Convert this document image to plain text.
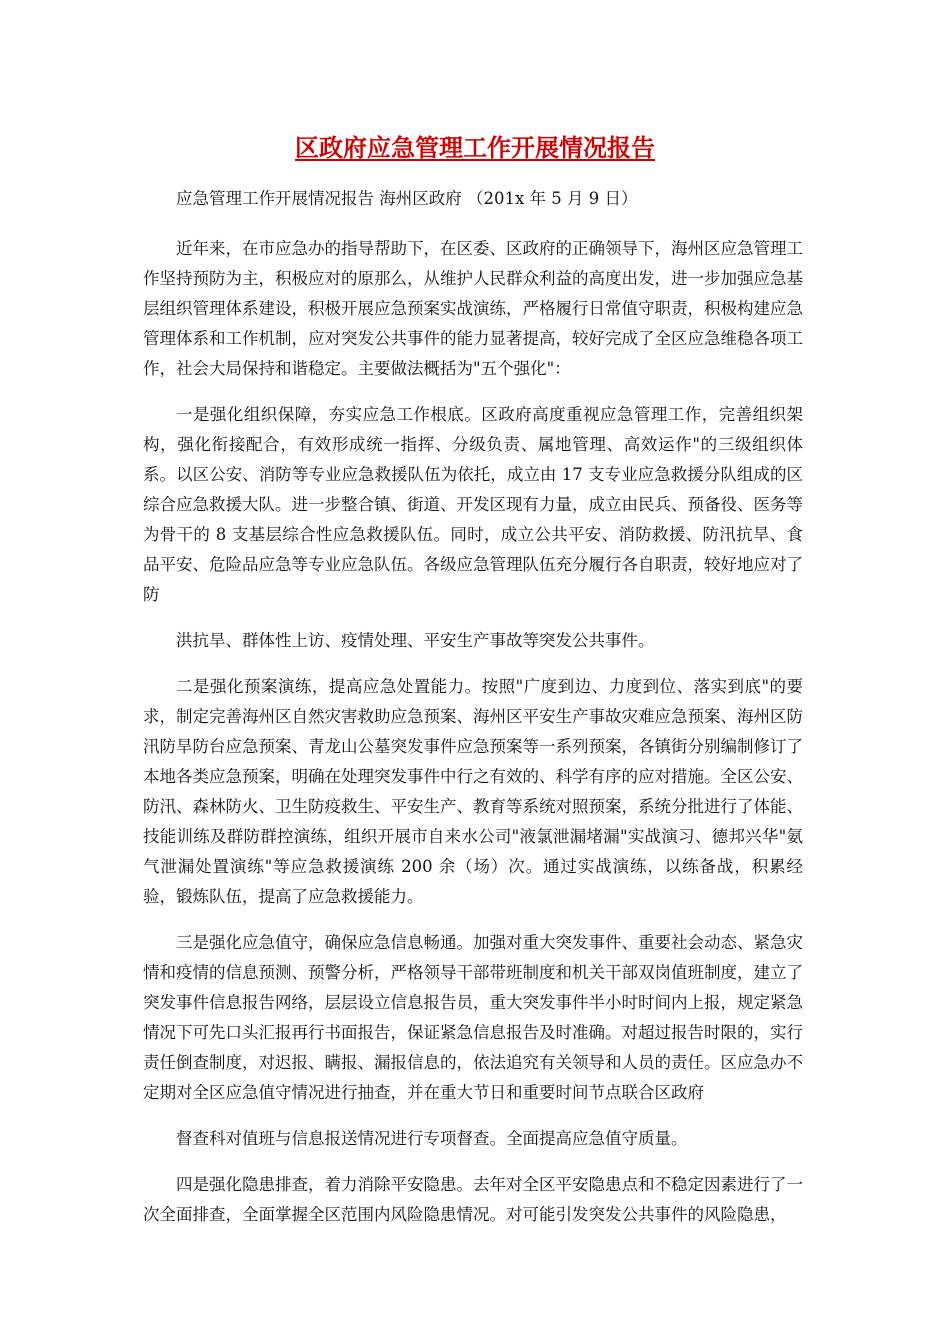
区政府应急管理工作开展情况报告

应急管理工作开展情况报告 海州区政府 （201x 年 5 月 9 日）

近年来，在市应急办的指导帮助下，在区委、区政府的正确领导下，海州区应急管理工作坚持预防为主，积极应对的原那么，从维护人民群众利益的高度出发，进一步加强应急基层组织管理体系建设，积极开展应急预案实战演练，严格履行日常值守职责，积极构建应急管理体系和工作机制，应对突发公共事件的能力显著提高，较好完成了全区应急维稳各项工作，社会大局保持和谐稳定。主要做法概括为"五个强化"：

一是强化组织保障，夯实应急工作根底。区政府高度重视应急管理工作，完善组织架构，强化衔接配合，有效形成统一指挥、分级负责、属地管理、高效运作"的三级组织体系。以区公安、消防等专业应急救援队伍为依托，成立由 17 支专业应急救援分队组成的区综合应急救援大队。进一步整合镇、街道、开发区现有力量，成立由民兵、预备役、医务等为骨干的 8 支基层综合性应急救援队伍。同时，成立公共平安、消防救援、防汛抗旱、食品平安、危险品应急等专业应急队伍。各级应急管理队伍充分履行各自职责，较好地应对了防

洪抗旱、群体性上访、疫情处理、平安生产事故等突发公共事件。

二是强化预案演练，提高应急处置能力。按照"广度到边、力度到位、落实到底"的要求，制定完善海州区自然灾害救助应急预案、海州区平安生产事故灾难应急预案、海州区防汛防旱防台应急预案、青龙山公墓突发事件应急预案等一系列预案，各镇街分别编制修订了本地各类应急预案，明确在处理突发事件中行之有效的、科学有序的应对措施。全区公安、防汛、森林防火、卫生防疫救生、平安生产、教育等系统对照预案，系统分批进行了体能、技能训练及群防群控演练，组织开展市自来水公司"液氯泄漏堵漏"实战演习、德邦兴华"氨气泄漏处置演练"等应急救援演练 200 余（场）次。通过实战演练，以练备战，积累经验，锻炼队伍，提高了应急救援能力。

三是强化应急值守，确保应急信息畅通。加强对重大突发事件、重要社会动态、紧急灾情和疫情的信息预测、预警分析，严格领导干部带班制度和机关干部双岗值班制度，建立了突发事件信息报告网络，层层设立信息报告员，重大突发事件半小时时间内上报，规定紧急情况下可先口头汇报再行书面报告，保证紧急信息报告及时准确。对超过报告时限的，实行责任倒查制度，对迟报、瞒报、漏报信息的，依法追究有关领导和人员的责任。区应急办不定期对全区应急值守情况进行抽查，并在重大节日和重要时间节点联合区政府

督查科对值班与信息报送情况进行专项督查。全面提高应急值守质量。

四是强化隐患排查，着力消除平安隐患。去年对全区平安隐患点和不稳定因素进行了一次全面排查，全面掌握全区范围内风险隐患情况。对可能引发突发公共事件的风险隐患，
